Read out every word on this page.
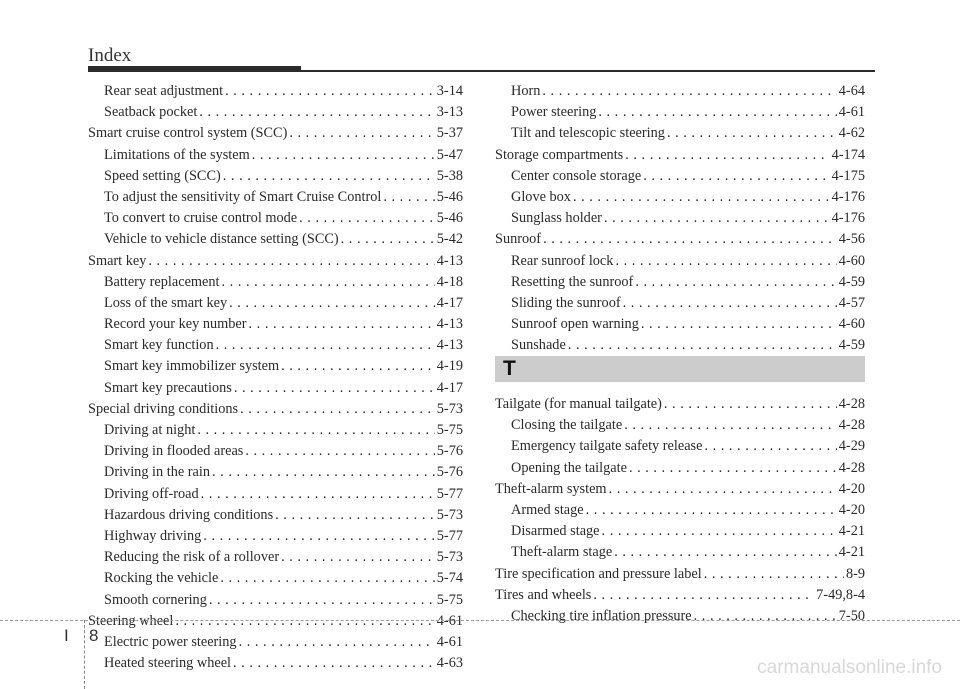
Index
Rear seat adjustment . . .	3-14
Seatback pocket . . .	3-13
Smart cruise control system (SCC) . . .	5-37
Limitations of the system . . .	5-47
Speed setting (SCC) . . .	5-38
To adjust the sensitivity of Smart Cruise Control . . .	5-46
To convert to cruise control mode . . .	5-46
Vehicle to vehicle distance setting (SCC) . . .	5-42
Smart key . . .	4-13
Battery replacement . . .	4-18
Loss of the smart key . . .	4-17
Record your key number . . .	4-13
Smart key function . . .	4-13
Smart key immobilizer system . . .	4-19
Smart key precautions . . .	4-17
Special driving conditions . . .	5-73
Driving at night . . .	5-75
Driving in flooded areas . . .	5-76
Driving in the rain . . .	5-76
Driving off-road . . .	5-77
Hazardous driving conditions . . .	5-73
Highway driving . . .	5-77
Reducing the risk of a rollover . . .	5-73
Rocking the vehicle . . .	5-74
Smooth cornering . . .	5-75
Steering wheel . . .	4-61
Electric power steering . . .	4-61
Heated steering wheel . . .	4-63
Horn . . .	4-64
Power steering . . .	4-61
Tilt and telescopic steering . . .	4-62
Storage compartments . . .	4-174
Center console storage . . .	4-175
Glove box . . .	4-176
Sunglass holder . . .	4-176
Sunroof . . .	4-56
Rear sunroof lock . . .	4-60
Resetting the sunroof . . .	4-59
Sliding the sunroof . . .	4-57
Sunroof open warning . . .	4-60
Sunshade . . .	4-59
. . .
T
Tailgate (for manual tailgate) . . .	4-28
Closing the tailgate . . .	4-28
Emergency tailgate safety release . . .	4-29
Opening the tailgate . . .	4-28
Theft-alarm system . . .	4-20
Armed stage . . .	4-20
Disarmed stage . . .	4-21
Theft-alarm stage . . .	4-21
Tire specification and pressure label . . .	8-9
Tires and wheels . . .	7-49,8-4
Checking tire inflation pressure . . .	7-50
I 8
carmanualsonline.info
